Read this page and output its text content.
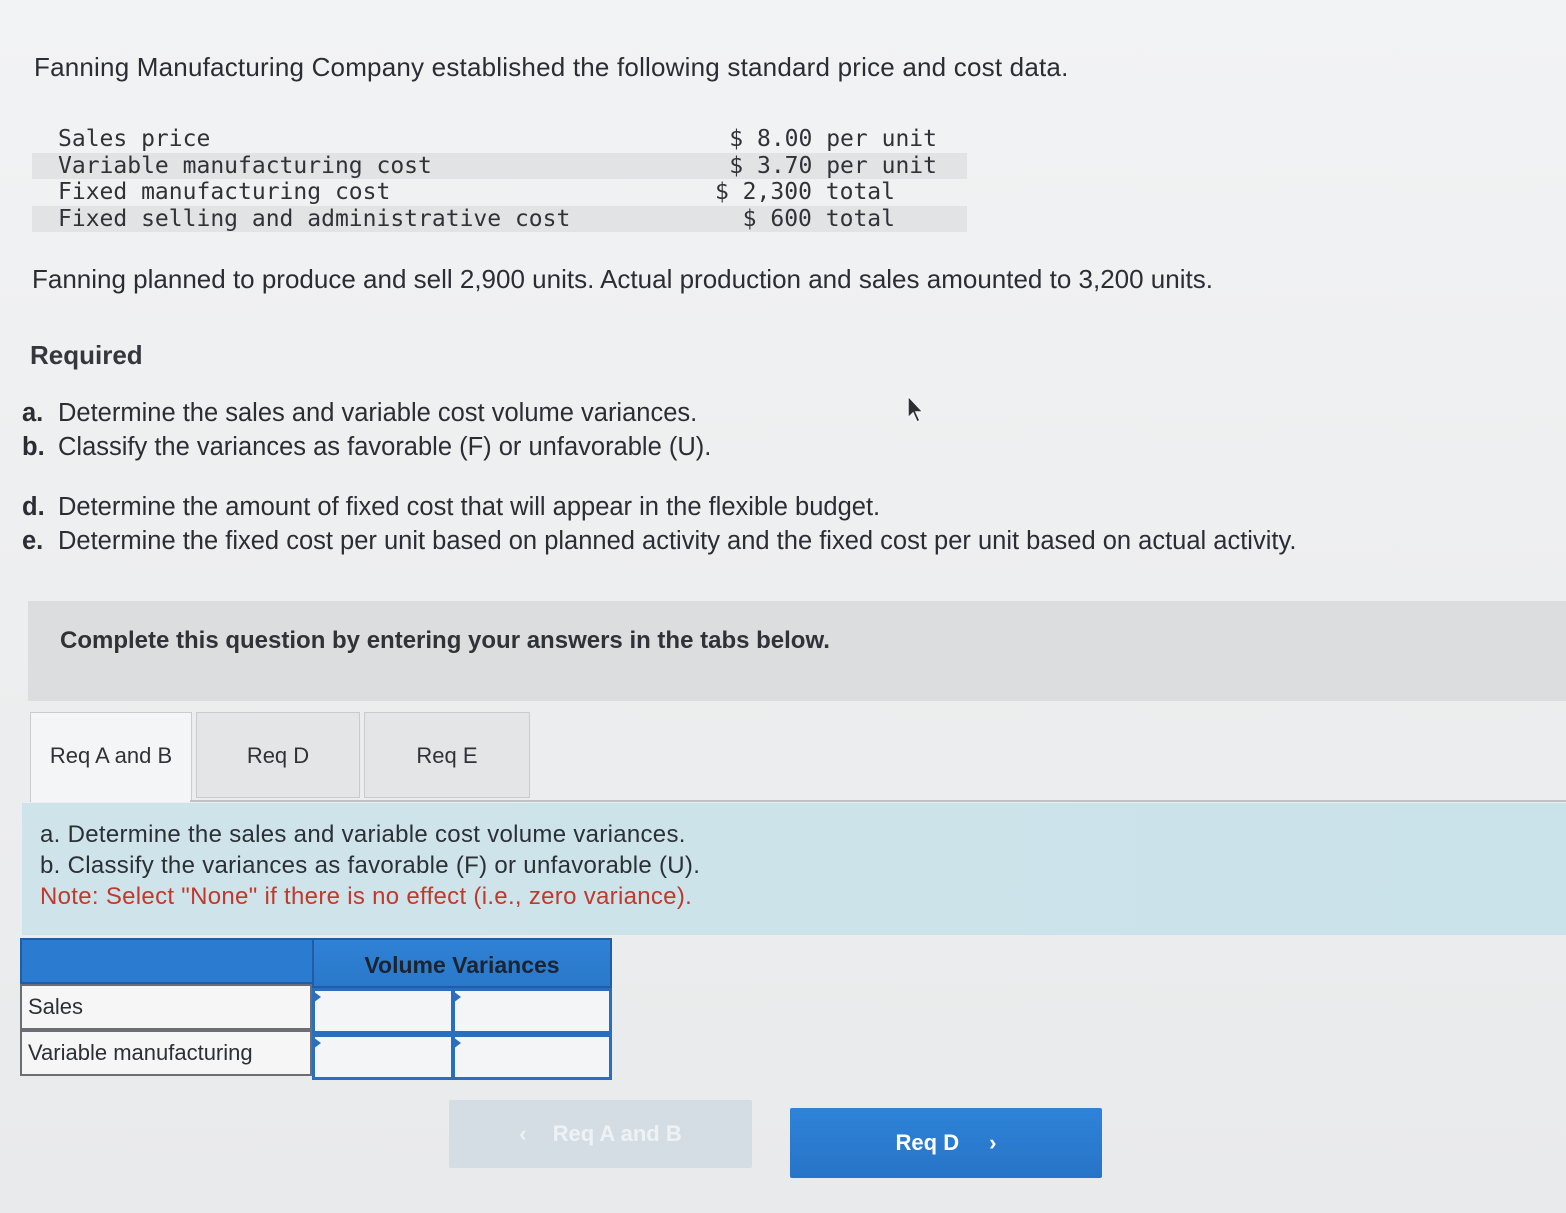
Fanning Manufacturing Company established the following standard price and cost data.
Sales price	$ 8.00 per unit
Variable manufacturing cost	$ 3.70 per unit
Fixed manufacturing cost	$ 2,300 total
Fixed selling and administrative cost	$ 600 total
Fanning planned to produce and sell 2,900 units. Actual production and sales amounted to 3,200 units.
Required
a. Determine the sales and variable cost volume variances.
b. Classify the variances as favorable (F) or unfavorable (U).
d. Determine the amount of fixed cost that will appear in the flexible budget.
e. Determine the fixed cost per unit based on planned activity and the fixed cost per unit based on actual activity.
Complete this question by entering your answers in the tabs below.
Req A and B	Req D	Req E
a. Determine the sales and variable cost volume variances.
b. Classify the variances as favorable (F) or unfavorable (U).
Note: Select "None" if there is no effect (i.e., zero variance).
Volume Variances
Sales
Variable manufacturing
‹ Req A and B	Req D ›
